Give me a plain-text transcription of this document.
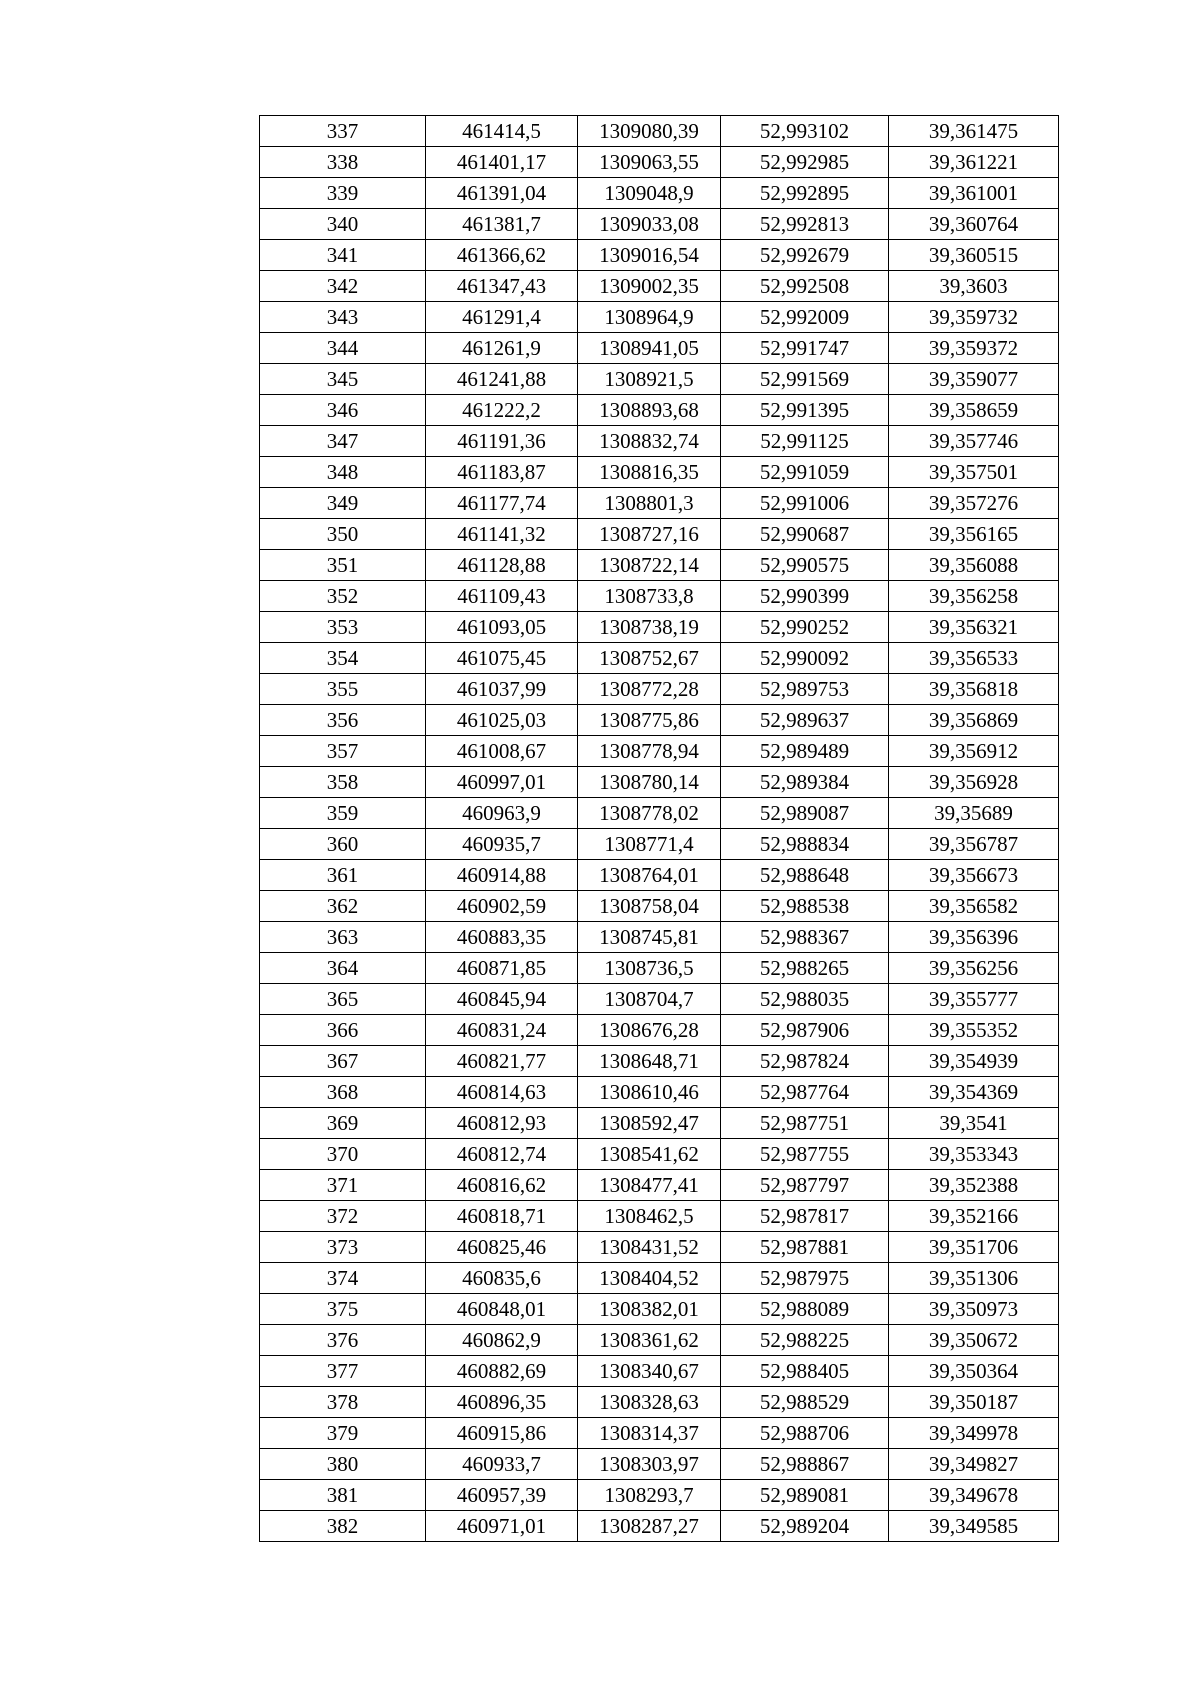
337	461414,5	1309080,39	52,993102	39,361475
338	461401,17	1309063,55	52,992985	39,361221
339	461391,04	1309048,9	52,992895	39,361001
340	461381,7	1309033,08	52,992813	39,360764
341	461366,62	1309016,54	52,992679	39,360515
342	461347,43	1309002,35	52,992508	39,3603
343	461291,4	1308964,9	52,992009	39,359732
344	461261,9	1308941,05	52,991747	39,359372
345	461241,88	1308921,5	52,991569	39,359077
346	461222,2	1308893,68	52,991395	39,358659
347	461191,36	1308832,74	52,991125	39,357746
348	461183,87	1308816,35	52,991059	39,357501
349	461177,74	1308801,3	52,991006	39,357276
350	461141,32	1308727,16	52,990687	39,356165
351	461128,88	1308722,14	52,990575	39,356088
352	461109,43	1308733,8	52,990399	39,356258
353	461093,05	1308738,19	52,990252	39,356321
354	461075,45	1308752,67	52,990092	39,356533
355	461037,99	1308772,28	52,989753	39,356818
356	461025,03	1308775,86	52,989637	39,356869
357	461008,67	1308778,94	52,989489	39,356912
358	460997,01	1308780,14	52,989384	39,356928
359	460963,9	1308778,02	52,989087	39,35689
360	460935,7	1308771,4	52,988834	39,356787
361	460914,88	1308764,01	52,988648	39,356673
362	460902,59	1308758,04	52,988538	39,356582
363	460883,35	1308745,81	52,988367	39,356396
364	460871,85	1308736,5	52,988265	39,356256
365	460845,94	1308704,7	52,988035	39,355777
366	460831,24	1308676,28	52,987906	39,355352
367	460821,77	1308648,71	52,987824	39,354939
368	460814,63	1308610,46	52,987764	39,354369
369	460812,93	1308592,47	52,987751	39,3541
370	460812,74	1308541,62	52,987755	39,353343
371	460816,62	1308477,41	52,987797	39,352388
372	460818,71	1308462,5	52,987817	39,352166
373	460825,46	1308431,52	52,987881	39,351706
374	460835,6	1308404,52	52,987975	39,351306
375	460848,01	1308382,01	52,988089	39,350973
376	460862,9	1308361,62	52,988225	39,350672
377	460882,69	1308340,67	52,988405	39,350364
378	460896,35	1308328,63	52,988529	39,350187
379	460915,86	1308314,37	52,988706	39,349978
380	460933,7	1308303,97	52,988867	39,349827
381	460957,39	1308293,7	52,989081	39,349678
382	460971,01	1308287,27	52,989204	39,349585
